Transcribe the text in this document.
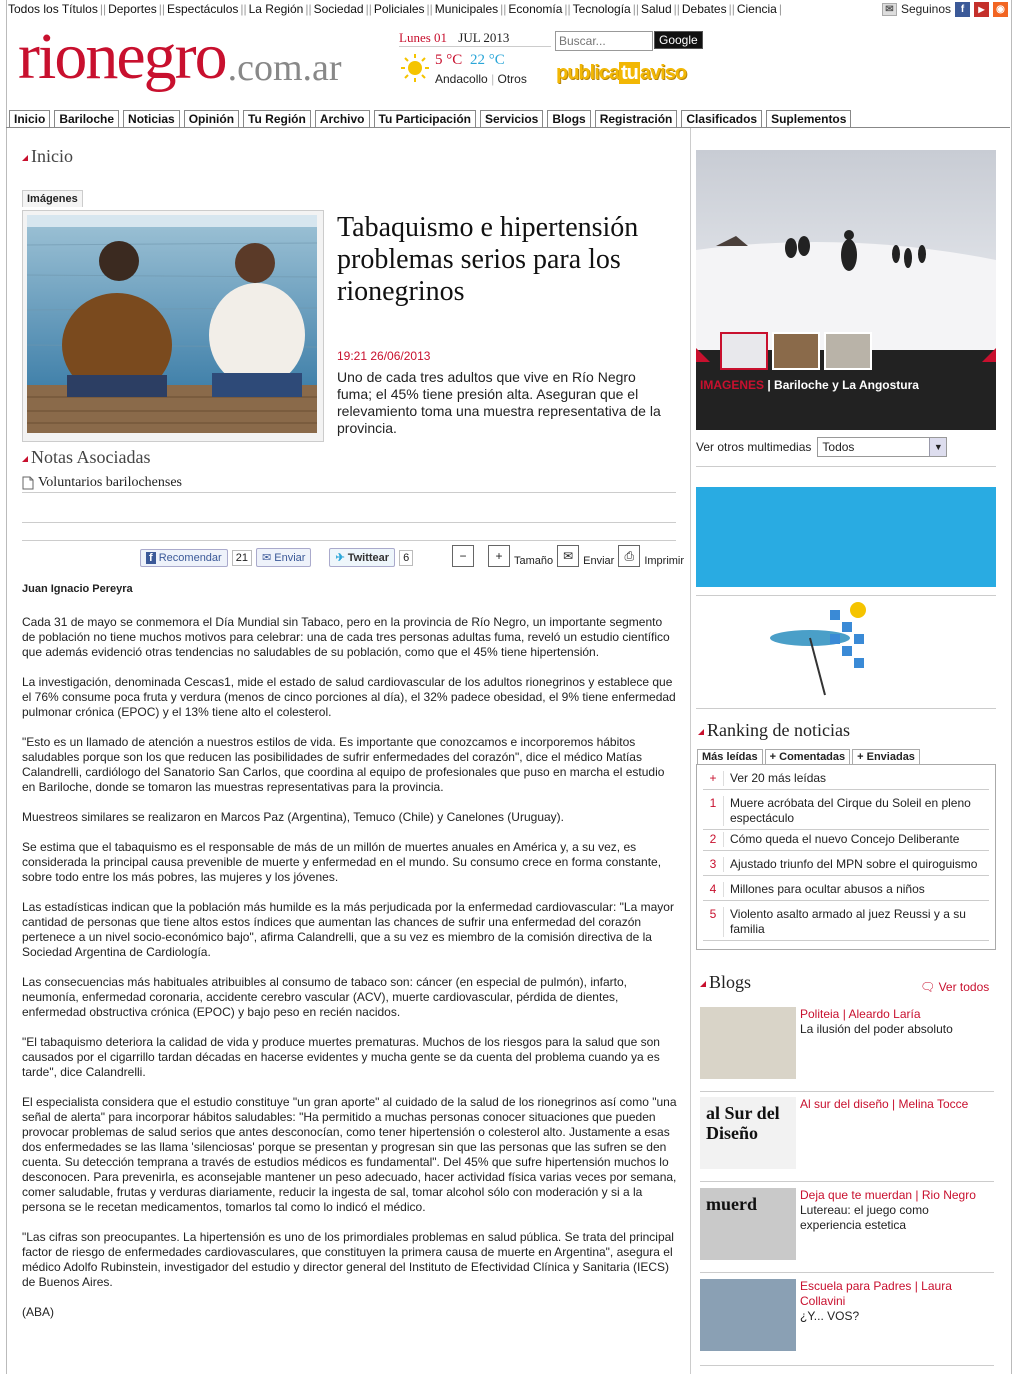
Todos los Títulos || Deportes || Espectáculos || La Región || Sociedad || Policiales || Municipales || Economía || Tecnología || Salud || Debates || Ciencia |	✉ Seguinos f	▶	◉
rionegro .com.ar
Lunes 01 JUL 2013
5 °C 22 °C
Andacollo | Otros
Buscar...
Google
publica tu aviso
Inicio	Bariloche	Noticias	Opinión	Tu Región	Archivo	Tu Participación	Servicios	Blogs	Registración	Clasificados	Suplementos
Inicio
Imágenes
Tabaquismo e hipertensión problemas serios para los rionegrinos
19:21 26/06/2013
Uno de cada tres adultos que vive en Río Negro fuma; el 45% tiene presión alta. Aseguran que el relevamiento toma una muestra representativa de la provincia.
Notas Asociadas
Voluntarios barilochenses
f Recomendar	21	✉ Enviar	✈ Twittear	6	−	+	Tamaño ✉ Enviar ⎙ Imprimir
Juan Ignacio Pereyra

Cada 31 de mayo se conmemora el Día Mundial sin Tabaco, pero en la provincia de Río Negro, un importante segmento de población no tiene muchos motivos para celebrar: una de cada tres personas adultas fuma, reveló un estudio científico que además evidenció otras tendencias no saludables de su población, como que el 45% tiene hipertensión.

La investigación, denominada Cescas1, mide el estado de salud cardiovascular de los adultos rionegrinos y establece que el 76% consume poca fruta y verdura (menos de cinco porciones al día), el 32% padece obesidad, el 9% tiene enfermedad pulmonar crónica (EPOC) y el 13% tiene alto el colesterol.

"Esto es un llamado de atención a nuestros estilos de vida. Es importante que conozcamos e incorporemos hábitos saludables porque son los que reducen las posibilidades de sufrir enfermedades del corazón", dice el médico Matías Calandrelli, cardiólogo del Sanatorio San Carlos, que coordina al equipo de profesionales que puso en marcha el estudio en Bariloche, donde se tomaron las muestras representativas para la provincia.

Muestreos similares se realizaron en Marcos Paz (Argentina), Temuco (Chile) y Canelones (Uruguay).

Se estima que el tabaquismo es el responsable de más de un millón de muertes anuales en América y, a su vez, es considerada la principal causa prevenible de muerte y enfermedad en el mundo. Su consumo crece en forma constante, sobre todo entre los más pobres, las mujeres y los jóvenes.

Las estadísticas indican que la población más humilde es la más perjudicada por la enfermedad cardiovascular: "La mayor cantidad de personas que tiene altos estos índices que aumentan las chances de sufrir una enfermedad del corazón pertenece a un nivel socio-económico bajo", afirma Calandrelli, que a su vez es miembro de la comisión directiva de la Sociedad Argentina de Cardiología.

Las consecuencias más habituales atribuibles al consumo de tabaco son: cáncer (en especial de pulmón), infarto, neumonía, enfermedad coronaria, accidente cerebro vascular (ACV), muerte cardiovascular, pérdida de dientes, enfermedad obstructiva crónica (EPOC) y bajo peso en recién nacidos.

"El tabaquismo deteriora la calidad de vida y produce muertes prematuras. Muchos de los riesgos para la salud que son causados por el cigarrillo tardan décadas en hacerse evidentes y mucha gente se da cuenta del problema cuando ya es tarde", dice Calandrelli.

El especialista considera que el estudio constituye "un gran aporte" al cuidado de la salud de los rionegrinos así como "una señal de alerta" para incorporar hábitos saludables: "Ha permitido a muchas personas conocer situaciones que pueden provocar problemas de salud serios que antes desconocían, como tener hipertensión o colesterol alto. Justamente a esas dos enfermedades se las llama 'silenciosas' porque se presentan y progresan sin que las personas que las sufren se den cuenta. Su detección temprana a través de estudios médicos es fundamental". Del 45% que sufre hipertensión muchos lo desconocen. Para prevenirla, es aconsejable mantener un peso adecuado, hacer actividad física varias veces por semana, comer saludable, frutas y verduras diariamente, reducir la ingesta de sal, tomar alcohol sólo con moderación y si a la persona se le recetan medicamentos, tomarlos tal como lo indicó el médico.

"Las cifras son preocupantes. La hipertensión es uno de los primordiales problemas en salud pública. Se trata del principal factor de riesgo de enfermedades cardiovasculares, que constituyen la primera causa de muerte en Argentina", asegura el médico Adolfo Rubinstein, investigador del estudio y director general del Instituto de Efectividad Clínica y Sanitaria (IECS) de Buenos Aires.

(ABA)

IMAGENES | Bariloche y La Angostura
Ver otros multimedias Todos	▼
Ranking de noticias
Más leídas	+ Comentadas	+ Enviadas
+	Ver 20 más leídas
1	Muere acróbata del Cirque du Soleil en pleno espectáculo
2	Cómo queda el nuevo Concejo Deliberante
3	Ajustado triunfo del MPN sobre el quiroguismo
4	Millones para ocultar abusos a niños
5	Violento asalto armado al juez Reussi y a su familia
Blogs	🗨 Ver todos
Politeia | Aleardo Laría
La ilusión del poder absoluto
al Sur del Diseño
Al sur del diseño | Melina Tocce
muerd	Deja que te muerdan | Rio Negro
Lutereau: el juego como experiencia estetica
Escuela para Padres | Laura Collavini
¿Y... VOS?
